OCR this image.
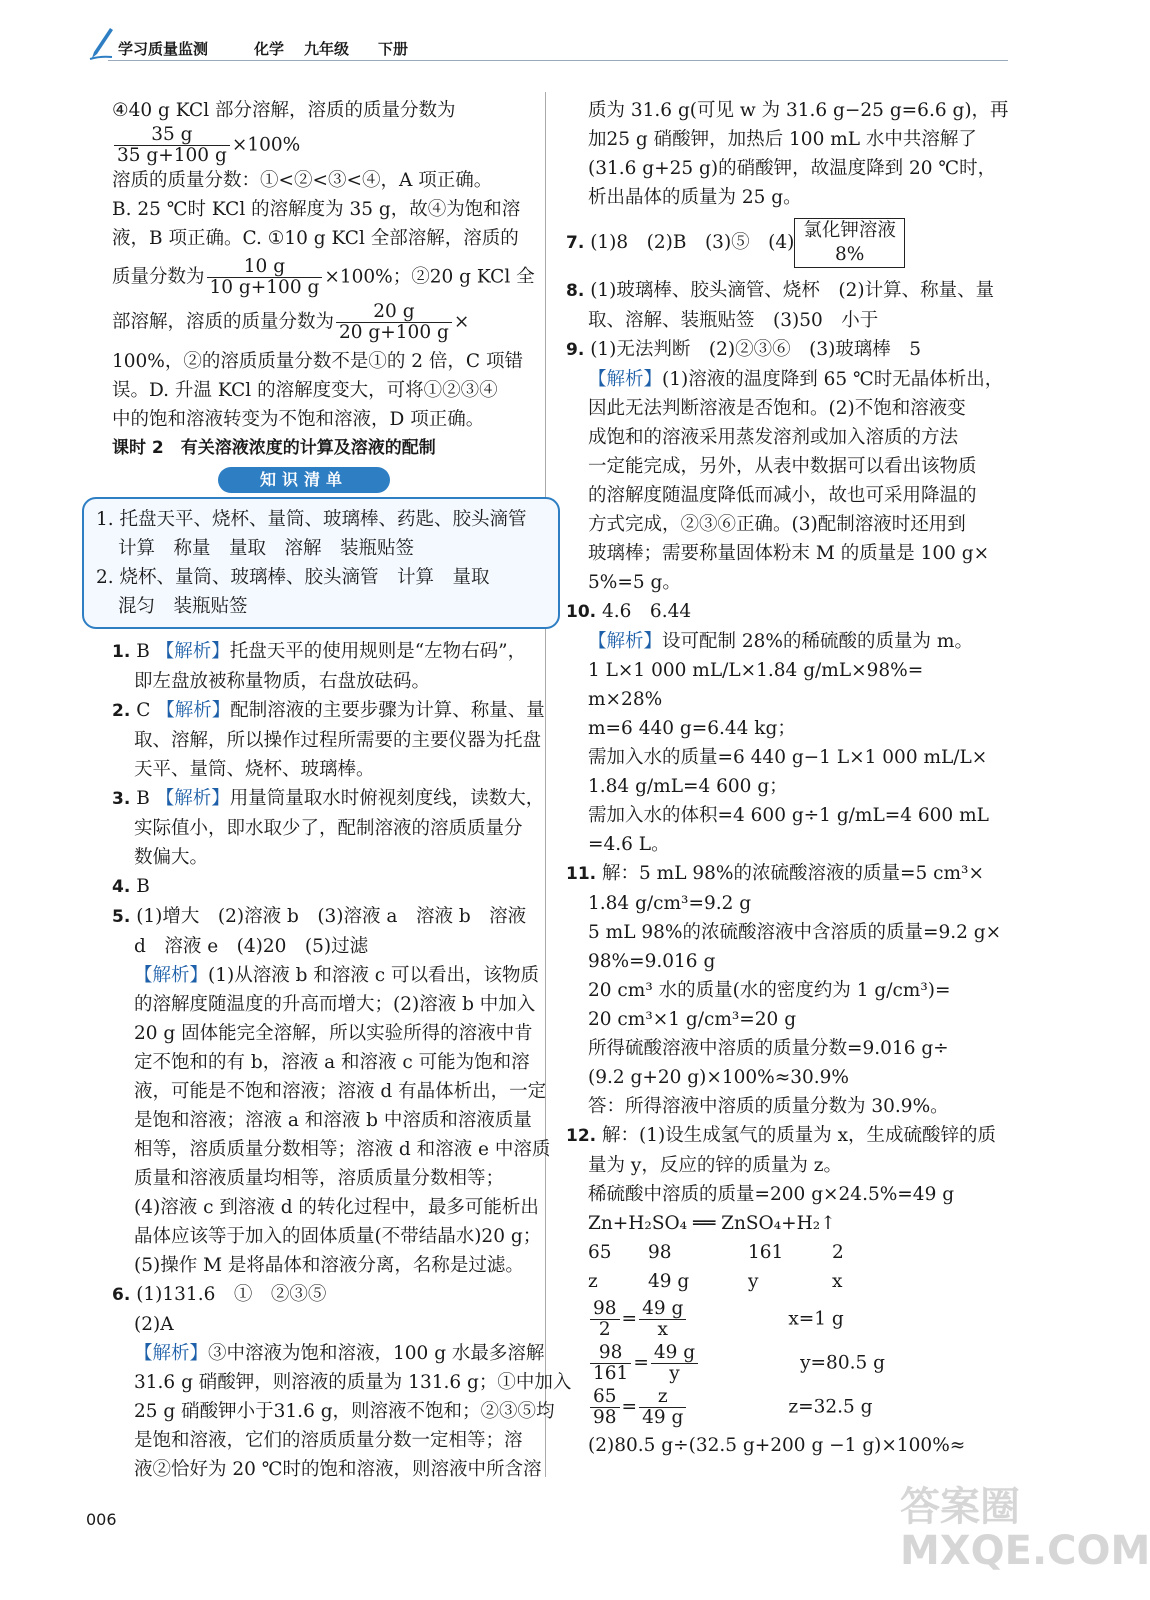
学习质量监测	化学 九年级 下册

④40 g KCl 部分溶解，溶质的质量分数为

$\frac{35 g}{35 g+100 g} \times 100\%$

溶质的质量分数：①<②<③<④，A 项正确。

B. 25 ℃时 KCl 的溶解度为 35 g，故④为饱和溶

液，B 项正确。C. ①10 g KCl 全部溶解，溶质的

质量分数为 $\frac{10 g}{10 g+100 g} \times 100\%$；②20 g KCl 全

部溶解，溶质的质量分数为 $\frac{20 g}{20 g+100 g}$ ×

100%，②的溶质质量分数不是①的 2 倍，C 项错

误。D. 升温 KCl 的溶解度变大，可将①②③④

中的饱和溶液转变为不饱和溶液，D 项正确。

课时 2　有关溶液浓度的计算及溶液的配制

知识清单

1. 托盘天平、烧杯、量筒、玻璃棒、药匙、胶头滴管

计算　称量　量取　溶解　装瓶贴签

2. 烧杯、量筒、玻璃棒、胶头滴管　计算　量取

混匀　装瓶贴签

1. B 【解析】托盘天平的使用规则是“左物右码”，

即左盘放被称量物质，右盘放砝码。

2. C 【解析】配制溶液的主要步骤为计算、称量、量

取、溶解，所以操作过程所需要的主要仪器为托盘

天平、量筒、烧杯、玻璃棒。

3. B 【解析】用量筒量取水时俯视刻度线，读数大，

实际值小，即水取少了，配制溶液的溶质质量分

数偏大。

4. B

5. (1)增大　(2)溶液 b　(3)溶液 a　溶液 b　溶液

d　溶液 e　(4)20　(5)过滤

【解析】(1)从溶液 b 和溶液 c 可以看出，该物质

的溶解度随温度的升高而增大；(2)溶液 b 中加入

20 g 固体能完全溶解，所以实验所得的溶液中肯

定不饱和的有 b，溶液 a 和溶液 c 可能为饱和溶

液，可能是不饱和溶液；溶液 d 有晶体析出，一定

是饱和溶液；溶液 a 和溶液 b 中溶质和溶液质量

相等，溶质质量分数相等；溶液 d 和溶液 e 中溶质

质量和溶液质量均相等，溶质质量分数相等；

(4)溶液 c 到溶液 d 的转化过程中，最多可能析出

晶体应该等于加入的固体质量(不带结晶水)20 g；

(5)操作 M 是将晶体和溶液分离，名称是过滤。

6. (1)131.6　①　②③⑤

(2)A

【解析】③中溶液为饱和溶液，100 g 水最多溶解

31.6 g 硝酸钾，则溶液的质量为 131.6 g；①中加入

25 g 硝酸钾小于31.6 g，则溶液不饱和；②③⑤均

是饱和溶液，它们的溶质质量分数一定相等；溶

液②恰好为 20 ℃时的饱和溶液，则溶液中所含溶

质为 31.6 g(可见 w 为 31.6 g−25 g=6.6 g)，再

加25 g 硝酸钾，加热后 100 mL 水中共溶解了

(31.6 g+25 g)的硝酸钾，故温度降到 20 ℃时，

析出晶体的质量为 25 g。

7. (1)8　(2)B　(3)⑤　(4)
氯化钾溶液
8%

8. (1)玻璃棒、胶头滴管、烧杯　(2)计算、称量、量

取、溶解、装瓶贴签　(3)50　小于

9. (1)无法判断　(2)②③⑥　(3)玻璃棒　5

【解析】(1)溶液的温度降到 65 ℃时无晶体析出，

因此无法判断溶液是否饱和。(2)不饱和溶液变

成饱和的溶液采用蒸发溶剂或加入溶质的方法

一定能完成，另外，从表中数据可以看出该物质

的溶解度随温度降低而减小，故也可采用降温的

方式完成，②③⑥正确。(3)配制溶液时还用到

玻璃棒；需要称量固体粉末 M 的质量是 100 g×

5%=5 g。

10. 4.6　6.44

【解析】设可配制 28%的稀硫酸的质量为 m。

1 L×1 000 mL/L×1.84 g/mL×98%=

m×28%

m=6 440 g=6.44 kg；

需加入水的质量=6 440 g−1 L×1 000 mL/L×

1.84 g/mL=4 600 g；

需加入水的体积=4 600 g÷1 g/mL=4 600 mL

=4.6 L。

11. 解：5 mL 98%的浓硫酸溶液的质量=5 cm³×

1.84 g/cm³=9.2 g

5 mL 98%的浓硫酸溶液中含溶质的质量=9.2 g×

98%=9.016 g

20 cm³ 水的质量(水的密度约为 1 g/cm³)=

20 cm³×1 g/cm³=20 g

所得硫酸溶液中溶质的质量分数=9.016 g÷

(9.2 g+20 g)×100%≈30.9%

答：所得溶液中溶质的质量分数为 30.9%。

12. 解：(1)设生成氢气的质量为 x，生成硫酸锌的质

量为 y，反应的锌的质量为 z。

稀硫酸中溶质的质量=200 g×24.5%=49 g

Zn+H₂SO₄ ══ ZnSO₄+H₂↑

65 98	161	2

z	49 g	y	x

$\frac{98}{2} = \frac{49 g}{x}$	x=1 g

$\frac{98}{161} = \frac{49 g}{y}$	y=80.5 g

$\frac{65}{98} = \frac{z}{49 g}$	z=32.5 g

(2)80.5 g÷(32.5 g+200 g −1 g)×100%≈

006	答案圈 MXQE.COM
